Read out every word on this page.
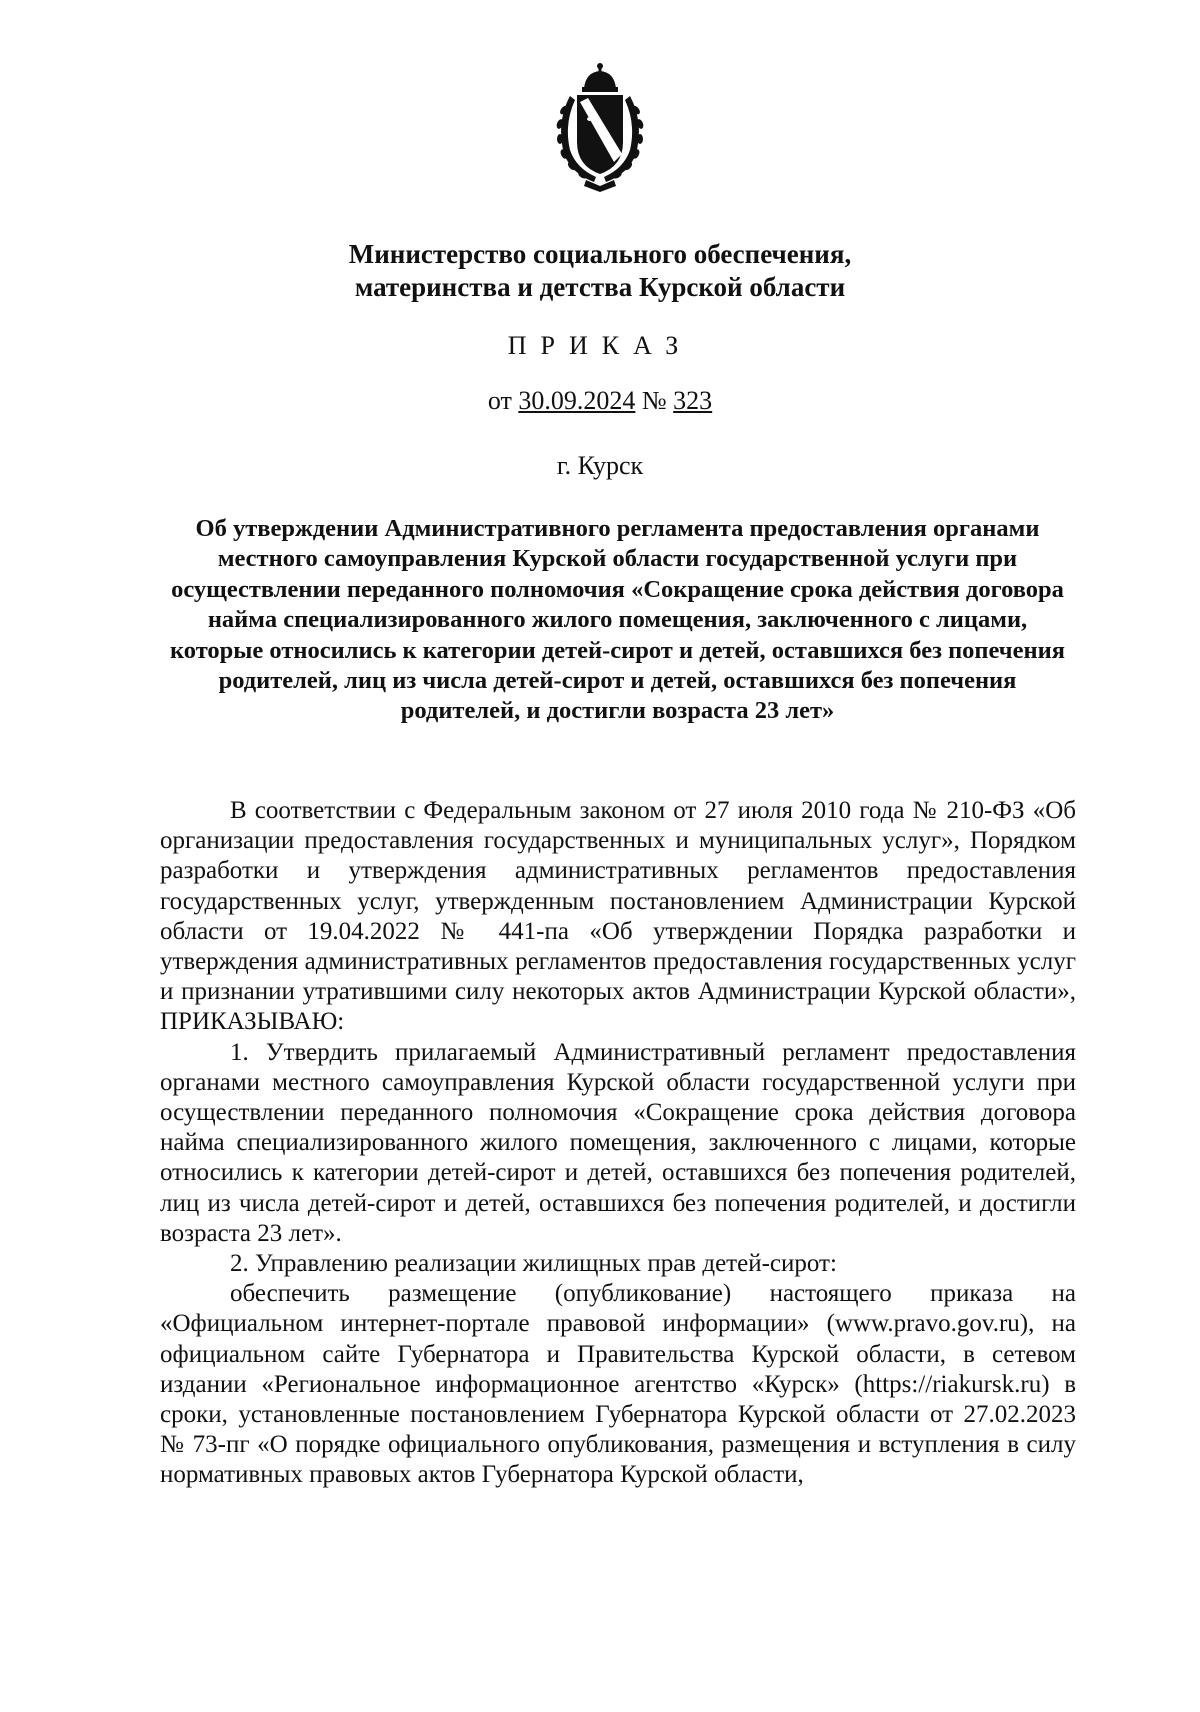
Министерство социального обеспечения,
материнства и детства Курской области
ПРИКАЗ
от 30.09.2024 № 323
г. Курск
Об утверждении Административного регламента предоставления органами местного самоуправления Курской области государственной услуги при осуществлении переданного полномочия «Сокращение срока действия договора найма специализированного жилого помещения, заключенного с лицами, которые относились к категории детей-сирот и детей, оставшихся без попечения родителей, лиц из числа детей-сирот и детей, оставшихся без попечения родителей, и достигли возраста 23 лет»

В соответствии с Федеральным законом от 27 июля 2010 года № 210-ФЗ «Об организации предоставления государственных и муниципальных услуг», Порядком разработки и утверждения административных регламентов предоставления государственных услуг, утвержденным постановлением Администрации Курской области от 19.04.2022 № 441-па «Об утверждении Порядка разработки и утверждения административных регламентов предоставления государственных услуг и признании утратившими силу некоторых актов Администрации Курской области», ПРИКАЗЫВАЮ:

1. Утвердить прилагаемый Административный регламент предоставления органами местного самоуправления Курской области государственной услуги при осуществлении переданного полномочия «Сокращение срока действия договора найма специализированного жилого помещения, заключенного с лицами, которые относились к категории детей-сирот и детей, оставшихся без попечения родителей, лиц из числа детей-сирот и детей, оставшихся без попечения родителей, и достигли возраста 23 лет».

2. Управлению реализации жилищных прав детей-сирот:

обеспечить размещение (опубликование) настоящего приказа на «Официальном интернет-портале правовой информации» (www.pravo.gov.ru), на официальном сайте Губернатора и Правительства Курской области, в сетевом издании «Региональное информационное агентство «Курск» (https://riakursk.ru) в сроки, установленные постановлением Губернатора Курской области от 27.02.2023 № 73-пг «О порядке официального опубликования, размещения и вступления в силу нормативных правовых актов Губернатора Курской области,
